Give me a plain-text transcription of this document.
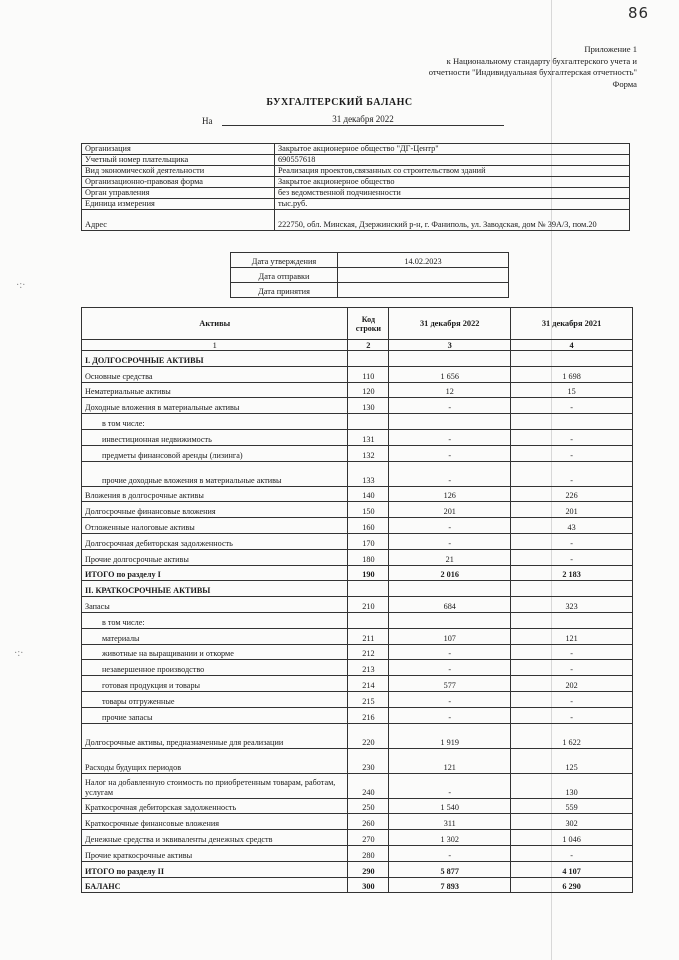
86
·:·
·:·
Приложение 1
к Национальному стандарту бухгалтерского учета и
отчетности "Индивидуальная бухгалтерская отчетность"
Форма
БУХГАЛТЕРСКИЙ БАЛАНС
На	31 декабря 2022
Организация	Закрытое акционерное общество "ДГ-Центр"
Учетный номер плательщика	690557618
Вид экономической деятельности	Реализация проектов,связанных со строительством зданий
Организационно-правовая форма	Закрытое акционерное общество
Орган управления	без ведомственной подчиненности
Единица измерения	тыс.руб.
Адрес	222750, обл. Минская, Дзержинский р-н, г. Фаниполь, ул. Заводская, дом № 39А/3, пом.20
Дата утверждения	14.02.2023
Дата отправки	
Дата принятия	
Активы	Код строки	31 декабря 2022	31 декабря 2021
1	2	3	4
I. ДОЛГОСРОЧНЫЕ АКТИВЫ			
Основные средства	110	1 656	1 698
Нематериальные активы	120	12	15
Доходные вложения в материальные активы	130	-	-
в том числе:			
инвестиционная недвижимость	131	-	-
предметы финансовой аренды (лизинга)	132	-	-
прочие доходные вложения в материальные активы	133	-	-
Вложения в долгосрочные активы	140	126	226
Долгосрочные финансовые вложения	150	201	201
Отложенные налоговые активы	160	-	43
Долгосрочная дебиторская задолженность	170	-	-
Прочие долгосрочные активы	180	21	-
ИТОГО по разделу I	190	2 016	2 183
II. КРАТКОСРОЧНЫЕ АКТИВЫ			
Запасы	210	684	323
в том числе:			
материалы	211	107	121
животные на выращивании и откорме	212	-	-
незавершенное производство	213	-	-
готовая продукция и товары	214	577	202
товары отгруженные	215	-	-
прочие запасы	216	-	-
Долгосрочные активы, предназначенные для реализации	220	1 919	1 622
Расходы будущих периодов	230	121	125
Налог на добавленную стоимость по приобретенным товарам, работам, услугам	240	-	130
Краткосрочная дебиторская задолженность	250	1 540	559
Краткосрочные финансовые вложения	260	311	302
Денежные средства и эквиваленты денежных средств	270	1 302	1 046
Прочие краткосрочные активы	280	-	-
ИТОГО по разделу II	290	5 877	4 107
БАЛАНС	300	7 893	6 290
